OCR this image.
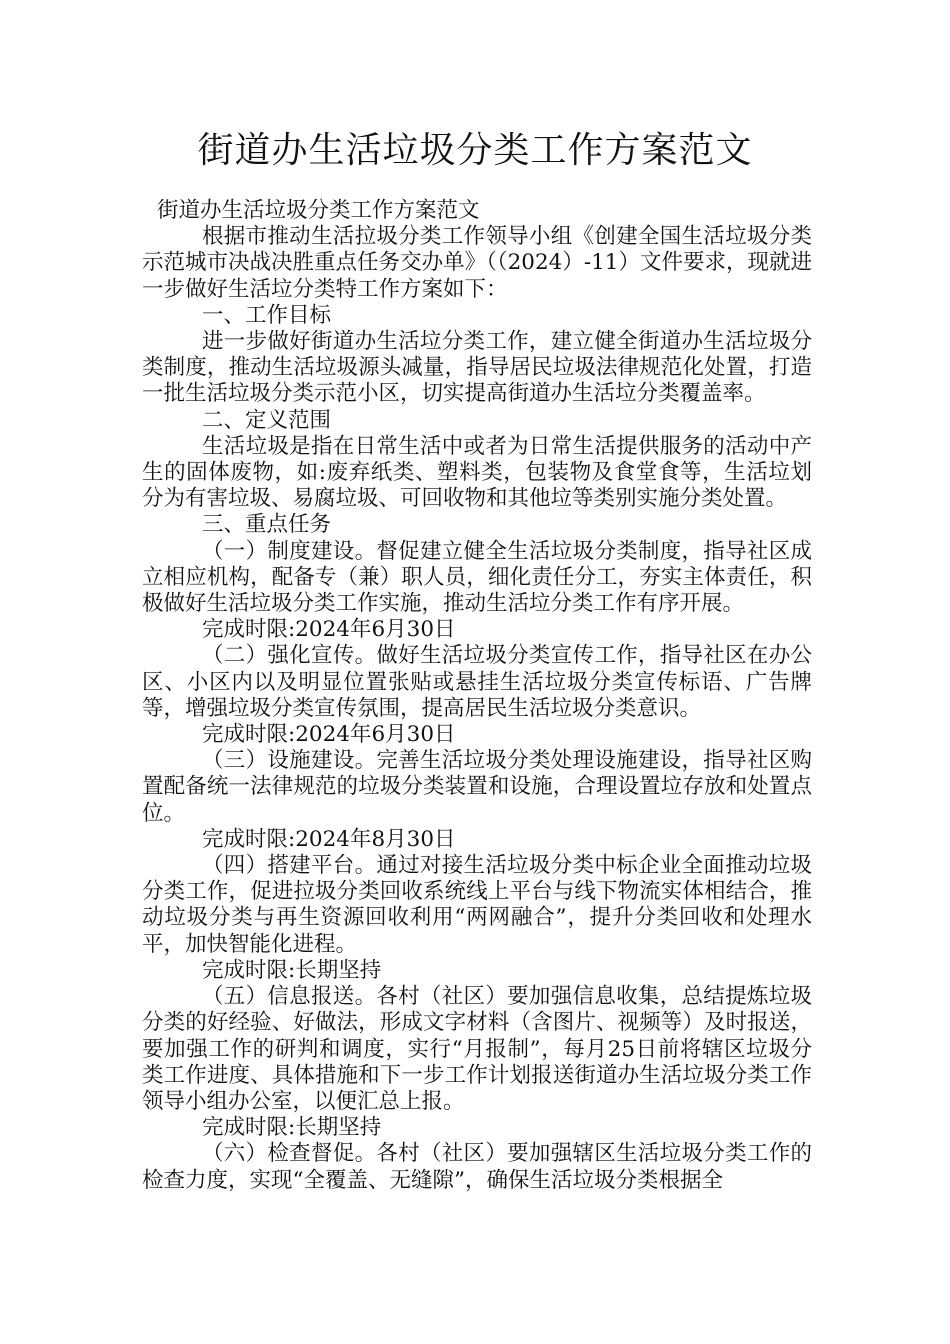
街道办生活垃圾分类工作方案范文

街道办生活垃圾分类工作方案范文

根据市推动生活拉圾分类工作领导小组《创建全国生活垃圾分类示范城市决战决胜重点任务交办单》（（2024）-11）文件要求，现就进一步做好生活垃分类特工作方案如下：

一、工作目标

进一步做好街道办生活垃分类工作，建立健全街道办生活垃圾分类制度，推动生活垃圾源头减量，指导居民垃圾法律规范化处置，打造一批生活垃圾分类示范小区，切实提高街道办生活垃分类覆盖率。

二、定义范围

生活垃圾是指在日常生活中或者为日常生活提供服务的活动中产生的固体废物，如:废弃纸类、塑料类，包装物及食堂食等，生活垃划分为有害垃圾、易腐垃圾、可回收物和其他垃等类别实施分类处置。

三、重点任务

（一）制度建设。督促建立健全生活垃圾分类制度，指导社区成立相应机构，配备专（兼）职人员，细化责任分工，夯实主体责任，积极做好生活垃圾分类工作实施，推动生活垃分类工作有序开展。

完成时限:2024年6月30日

（二）强化宣传。做好生活垃圾分类宣传工作，指导社区在办公区、小区内以及明显位置张贴或悬挂生活垃圾分类宣传标语、广告牌等，增强垃圾分类宣传氛围，提高居民生活垃圾分类意识。

完成时限:2024年6月30日

（三）设施建设。完善生活垃圾分类处理设施建设，指导社区购置配备统一法律规范的垃圾分类装置和设施，合理设置垃存放和处置点位。

完成时限:2024年8月30日

（四）搭建平台。通过对接生活垃圾分类中标企业全面推动垃圾分类工作，促进拉圾分类回收系统线上平台与线下物流实体相结合，推动垃圾分类与再生资源回收利用“两网融合”，提升分类回收和处理水平，加快智能化进程。

完成时限:长期坚持

（五）信息报送。各村（社区）要加强信息收集，总结提炼垃圾分类的好经验、好做法，形成文字材料（含图片、视频等）及时报送，要加强工作的研判和调度，实行“月报制”，每月25日前将辖区垃圾分类工作进度、具体措施和下一步工作计划报送街道办生活垃圾分类工作领导小组办公室，以便汇总上报。

完成时限:长期坚持

（六）检查督促。各村（社区）要加强辖区生活垃圾分类工作的检查力度，实现“全覆盖、无缝隙”，确保生活垃圾分类根据全
